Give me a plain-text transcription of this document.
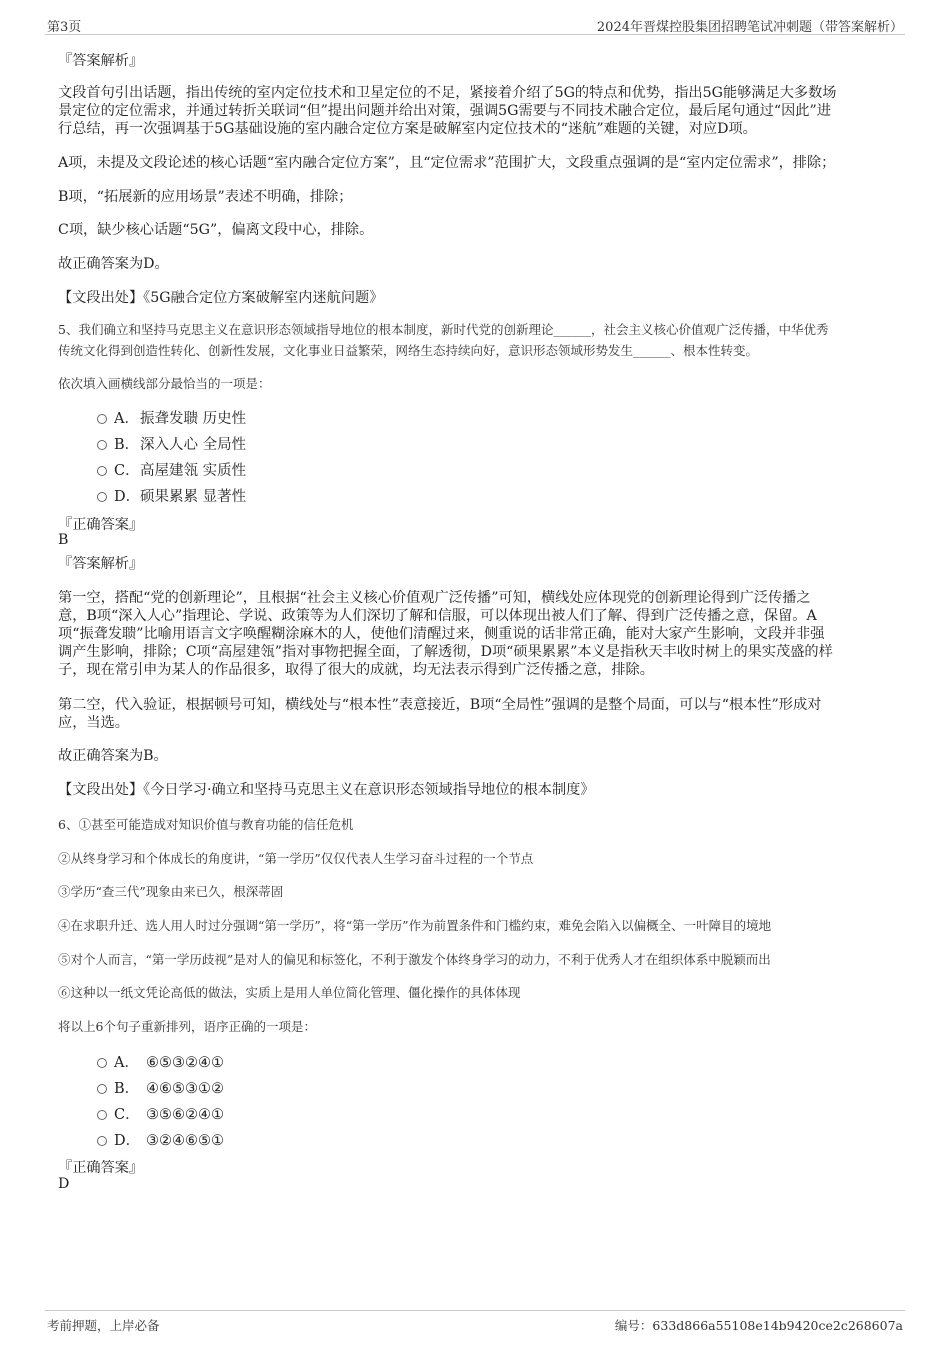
第3页	2024年晋煤控股集团招聘笔试冲刺题（带答案解析）
『答案解析』
文段首句引出话题，指出传统的室内定位技术和卫星定位的不足，紧接着介绍了5G的特点和优势，指出5G能够满足大多数场
景定位的定位需求，并通过转折关联词“但”提出问题并给出对策，强调5G需要与不同技术融合定位，最后尾句通过“因此”进
行总结，再一次强调基于5G基础设施的室内融合定位方案是破解室内定位技术的“迷航”难题的关键，对应D项。
A项，未提及文段论述的核心话题“室内融合定位方案”，且“定位需求”范围扩大，文段重点强调的是“室内定位需求”，排除；
B项，“拓展新的应用场景”表述不明确，排除；
C项，缺少核心话题“5G”，偏离文段中心，排除。
故正确答案为D。
【文段出处】《5G融合定位方案破解室内迷航问题》
5、我们确立和坚持马克思主义在意识形态领域指导地位的根本制度，新时代党的创新理论______，社会主义核心价值观广泛传播，中华优秀
传统文化得到创造性转化、创新性发展，文化事业日益繁荣，网络生态持续向好，意识形态领域形势发生______、根本性转变。
依次填入画横线部分最恰当的一项是：
A．振聋发聩 历史性
B．深入人心 全局性
C．高屋建瓴 实质性
D．硕果累累 显著性
『正确答案』
B
『答案解析』
第一空，搭配“党的创新理论”，且根据“社会主义核心价值观广泛传播”可知，横线处应体现党的创新理论得到广泛传播之
意，B项“深入人心”指理论、学说、政策等为人们深切了解和信服，可以体现出被人们了解、得到广泛传播之意，保留。A
项“振聋发聩”比喻用语言文字唤醒糊涂麻木的人，使他们清醒过来，侧重说的话非常正确，能对大家产生影响，文段并非强
调产生影响，排除；C项“高屋建瓴”指对事物把握全面，了解透彻，D项“硕果累累”本义是指秋天丰收时树上的果实茂盛的样
子，现在常引申为某人的作品很多，取得了很大的成就，均无法表示得到广泛传播之意，排除。
第二空，代入验证，根据顿号可知，横线处与“根本性”表意接近，B项“全局性”强调的是整个局面，可以与“根本性”形成对
应，当选。
故正确答案为B。
【文段出处】《今日学习·确立和坚持马克思主义在意识形态领域指导地位的根本制度》
6、①甚至可能造成对知识价值与教育功能的信任危机
②从终身学习和个体成长的角度讲，“第一学历”仅仅代表人生学习奋斗过程的一个节点
③学历“查三代”现象由来已久，根深蒂固
④在求职升迁、选人用人时过分强调“第一学历”，将“第一学历”作为前置条件和门槛约束，难免会陷入以偏概全、一叶障目的境地
⑤对个人而言，“第一学历歧视”是对人的偏见和标签化，不利于激发个体终身学习的动力，不利于优秀人才在组织体系中脱颖而出
⑥这种以一纸文凭论高低的做法，实质上是用人单位简化管理、僵化操作的具体体现
将以上6个句子重新排列，语序正确的一项是：
A． ⑥⑤③②④①
B． ④⑥⑤③①②
C． ③⑤⑥②④①
D． ③②④⑥⑤①
『正确答案』
D
考前押题，上岸必备	编号：633d866a55108e14b9420ce2c268607a
